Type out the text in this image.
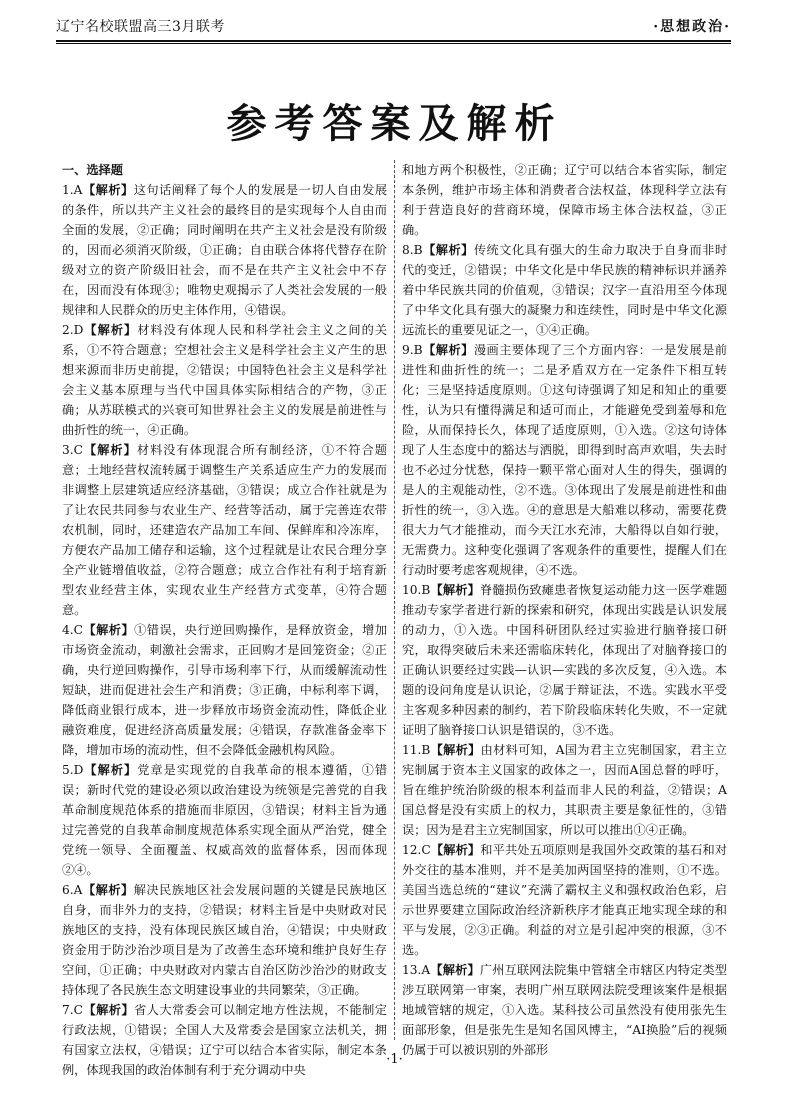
辽宁名校联盟高三3月联考	·思想政治·
参考答案及解析

一、选择题

1.A【解析】这句话阐释了每个人的发展是一切人自由发展的条件，所以共产主义社会的最终目的是实现每个人自由而全面的发展，②正确；同时阐明在共产主义社会是没有阶级的，因而必须消灭阶级，①正确；自由联合体将代替存在阶级对立的资产阶级旧社会，而不是在共产主义社会中不存在，因而没有体现③；唯物史观揭示了人类社会发展的一般规律和人民群众的历史主体作用，④错误。

2.D【解析】材料没有体现人民和科学社会主义之间的关系，①不符合题意；空想社会主义是科学社会主义产生的思想来源而非历史前提，②错误；中国特色社会主义是科学社会主义基本原理与当代中国具体实际相结合的产物，③正确；从苏联模式的兴衰可知世界社会主义的发展是前进性与曲折性的统一，④正确。

3.C【解析】材料没有体现混合所有制经济，①不符合题意；土地经营权流转属于调整生产关系适应生产力的发展而非调整上层建筑适应经济基础，③错误；成立合作社就是为了让农民共同参与农业生产、经营等活动，属于完善连农带农机制，同时，还建造农产品加工车间、保鲜库和冷冻库，方便农产品加工储存和运输，这个过程就是让农民合理分享全产业链增值收益，②符合题意；成立合作社有利于培育新型农业经营主体，实现农业生产经营方式变革，④符合题意。

4.C【解析】①错误，央行逆回购操作，是释放资金，增加市场资金流动，刺激社会需求，正回购才是回笼资金；②正确，央行逆回购操作，引导市场利率下行，从而缓解流动性短缺，进而促进社会生产和消费；③正确，中标利率下调，降低商业银行成本，进一步释放市场资金流动性，降低企业融资难度，促进经济高质量发展；④错误，存款准备金率下降，增加市场的流动性，但不会降低金融机构风险。

5.D【解析】党章是实现党的自我革命的根本遵循，①错误；新时代党的建设必须以政治建设为统领是完善党的自我革命制度规范体系的措施而非原因，③错误；材料主旨为通过完善党的自我革命制度规范体系实现全面从严治党，健全党统一领导、全面覆盖、权威高效的监督体系，因而体现②④。

6.A【解析】解决民族地区社会发展问题的关键是民族地区自身，而非外力的支持，②错误；材料主旨是中央财政对民族地区的支持，没有体现民族区域自治，④错误；中央财政资金用于防沙治沙项目是为了改善生态环境和维护良好生存空间，①正确；中央财政对内蒙古自治区防沙治沙的财政支持体现了各民族生态文明建设事业的共同繁荣，③正确。

7.C【解析】省人大常委会可以制定地方性法规，不能制定行政法规，①错误；全国人大及常委会是国家立法机关，拥有国家立法权，④错误；辽宁可以结合本省实际，制定本条例，体现我国的政治体制有利于充分调动中央

和地方两个积极性，②正确；辽宁可以结合本省实际，制定本条例，维护市场主体和消费者合法权益，体现科学立法有利于营造良好的营商环境，保障市场主体合法权益，③正确。

8.B【解析】传统文化具有强大的生命力取决于自身而非时代的变迁，②错误；中华文化是中华民族的精神标识并涵养着中华民族共同的价值观，③错误；汉字一直沿用至今体现了中华文化具有强大的凝聚力和连续性，同时是中华文化源远流长的重要见证之一，①④正确。

9.B【解析】漫画主要体现了三个方面内容：一是发展是前进性和曲折性的统一；二是矛盾双方在一定条件下相互转化；三是坚持适度原则。①这句诗强调了知足和知止的重要性，认为只有懂得满足和适可而止，才能避免受到羞辱和危险，从而保持长久，体现了适度原则，①入选。②这句诗体现了人生态度中的豁达与洒脱，即得到时高声欢唱，失去时也不必过分忧愁，保持一颗平常心面对人生的得失，强调的是人的主观能动性，②不选。③体现出了发展是前进性和曲折性的统一，③入选。④的意思是大船难以移动，需要花费很大力气才能推动，而今天江水充沛，大船得以自如行驶，无需费力。这种变化强调了客观条件的重要性，提醒人们在行动时要考虑客观规律，④不选。

10.B【解析】脊髓损伤致瘫患者恢复运动能力这一医学难题推动专家学者进行新的探索和研究，体现出实践是认识发展的动力，①入选。中国科研团队经过实验进行脑脊接口研究，取得突破后未来还需临床转化，体现出了对脑脊接口的正确认识要经过实践—认识—实践的多次反复，④入选。本题的设问角度是认识论，②属于辩证法，不选。实践水平受主客观多种因素的制约，若下阶段临床转化失败，不一定就证明了脑脊接口认识是错误的，③不选。

11.B【解析】由材料可知，A国为君主立宪制国家，君主立宪制属于资本主义国家的政体之一，因而A国总督的呼吁，旨在维护统治阶级的根本利益而非人民的利益，②错误；A国总督是没有实质上的权力，其职责主要是象征性的，③错误；因为是君主立宪制国家，所以可以推出①④正确。

12.C【解析】和平共处五项原则是我国外交政策的基石和对外交往的基本准则，并不是美加两国坚持的准则，①不选。美国当选总统的“建议”充满了霸权主义和强权政治色彩，启示世界要建立国际政治经济新秩序才能真正地实现全球的和平与发展，②③正确。利益的对立是引起冲突的根源，③不选。

13.A【解析】广州互联网法院集中管辖全市辖区内特定类型涉互联网第一审案，表明广州互联网法院受理该案件是根据地域管辖的规定，①入选。某科技公司虽然没有使用张先生面部形象，但是张先生是知名国风博主，“AI换脸”后的视频仍属于可以被识别的外部形

·1·
